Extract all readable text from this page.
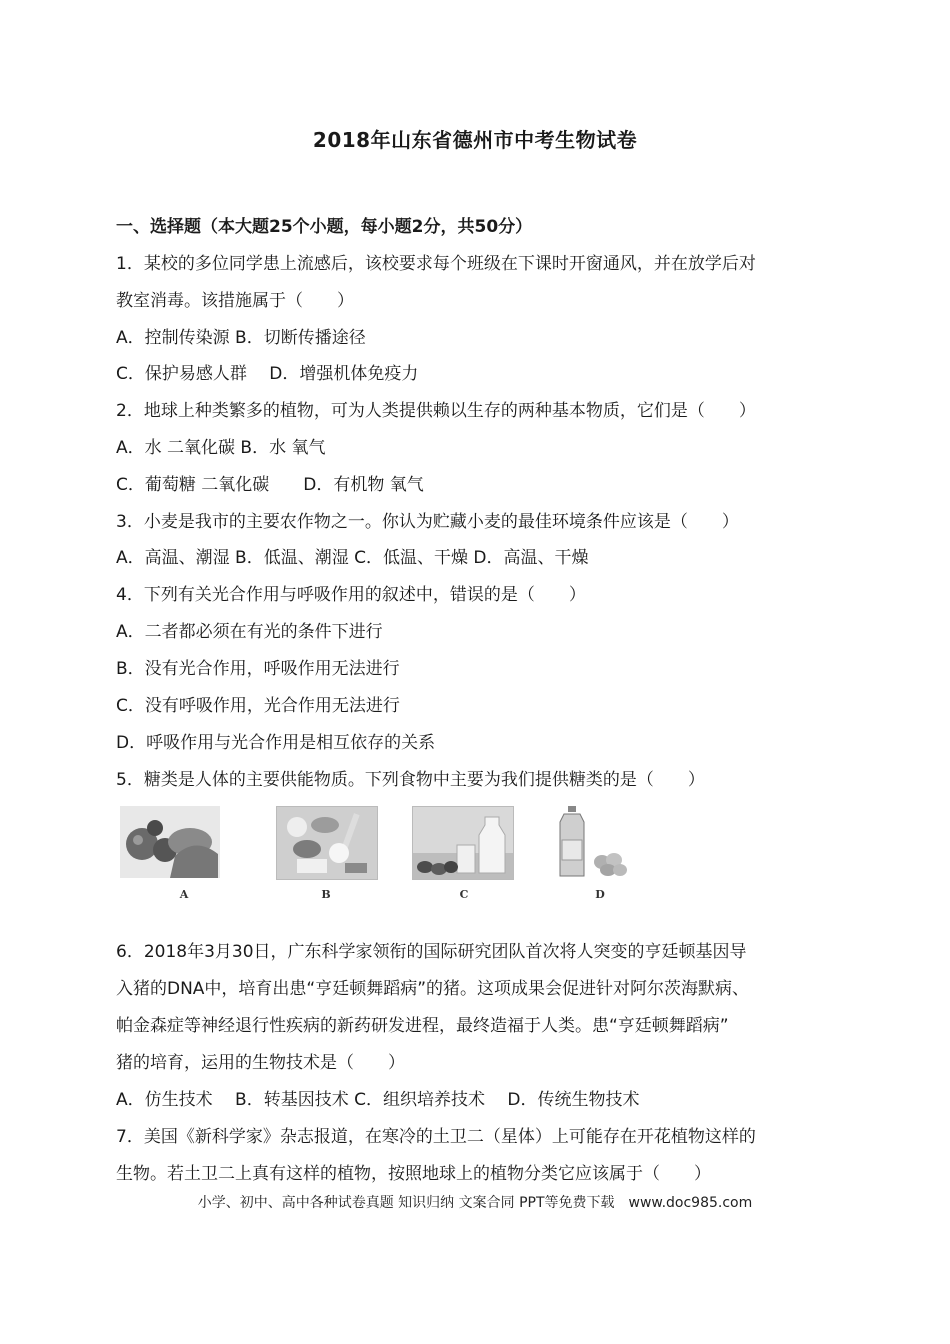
2018年山东省德州市中考生物试卷
一、选择题（本大题25个小题，每小题2分，共50分）
1．某校的多位同学患上流感后，该校要求每个班级在下课时开窗通风，并在放学后对
教室消毒。该措施属于（　　）
A．控制传染源 B．切断传播途径
C．保护易感人群　 D．增强机体免疫力
2．地球上种类繁多的植物，可为人类提供赖以生存的两种基本物质，它们是（　　）
A．水 二氧化碳 B．水 氧气
C．葡萄糖 二氧化碳　　D．有机物 氧气
3．小麦是我市的主要农作物之一。你认为贮藏小麦的最佳环境条件应该是（　　）
A．高温、潮湿 B．低温、潮湿 C．低温、干燥 D．高温、干燥
4．下列有关光合作用与呼吸作用的叙述中，错误的是（　　）
A．二者都必须在有光的条件下进行
B．没有光合作用，呼吸作用无法进行
C．没有呼吸作用，光合作用无法进行
D．呼吸作用与光合作用是相互依存的关系
5．糖类是人体的主要供能物质。下列食物中主要为我们提供糖类的是（　　）
A	B	C	D
6．2018年3月30日，广东科学家领衔的国际研究团队首次将人突变的亨廷顿基因导
入猪的DNA中，培育出患“亨廷顿舞蹈病”的猪。这项成果会促进针对阿尔茨海默病、
帕金森症等神经退行性疾病的新药研发进程，最终造福于人类。患“亨廷顿舞蹈病”
猪的培育，运用的生物技术是（　　）
A．仿生技术　 B．转基因技术 C．组织培养技术　 D．传统生物技术
7．美国《新科学家》杂志报道，在寒冷的土卫二（星体）上可能存在开花植物这样的
生物。若土卫二上真有这样的植物，按照地球上的植物分类它应该属于（　　）
小学、初中、高中各种试卷真题 知识归纳 文案合同 PPT等免费下载　www.doc985.com
